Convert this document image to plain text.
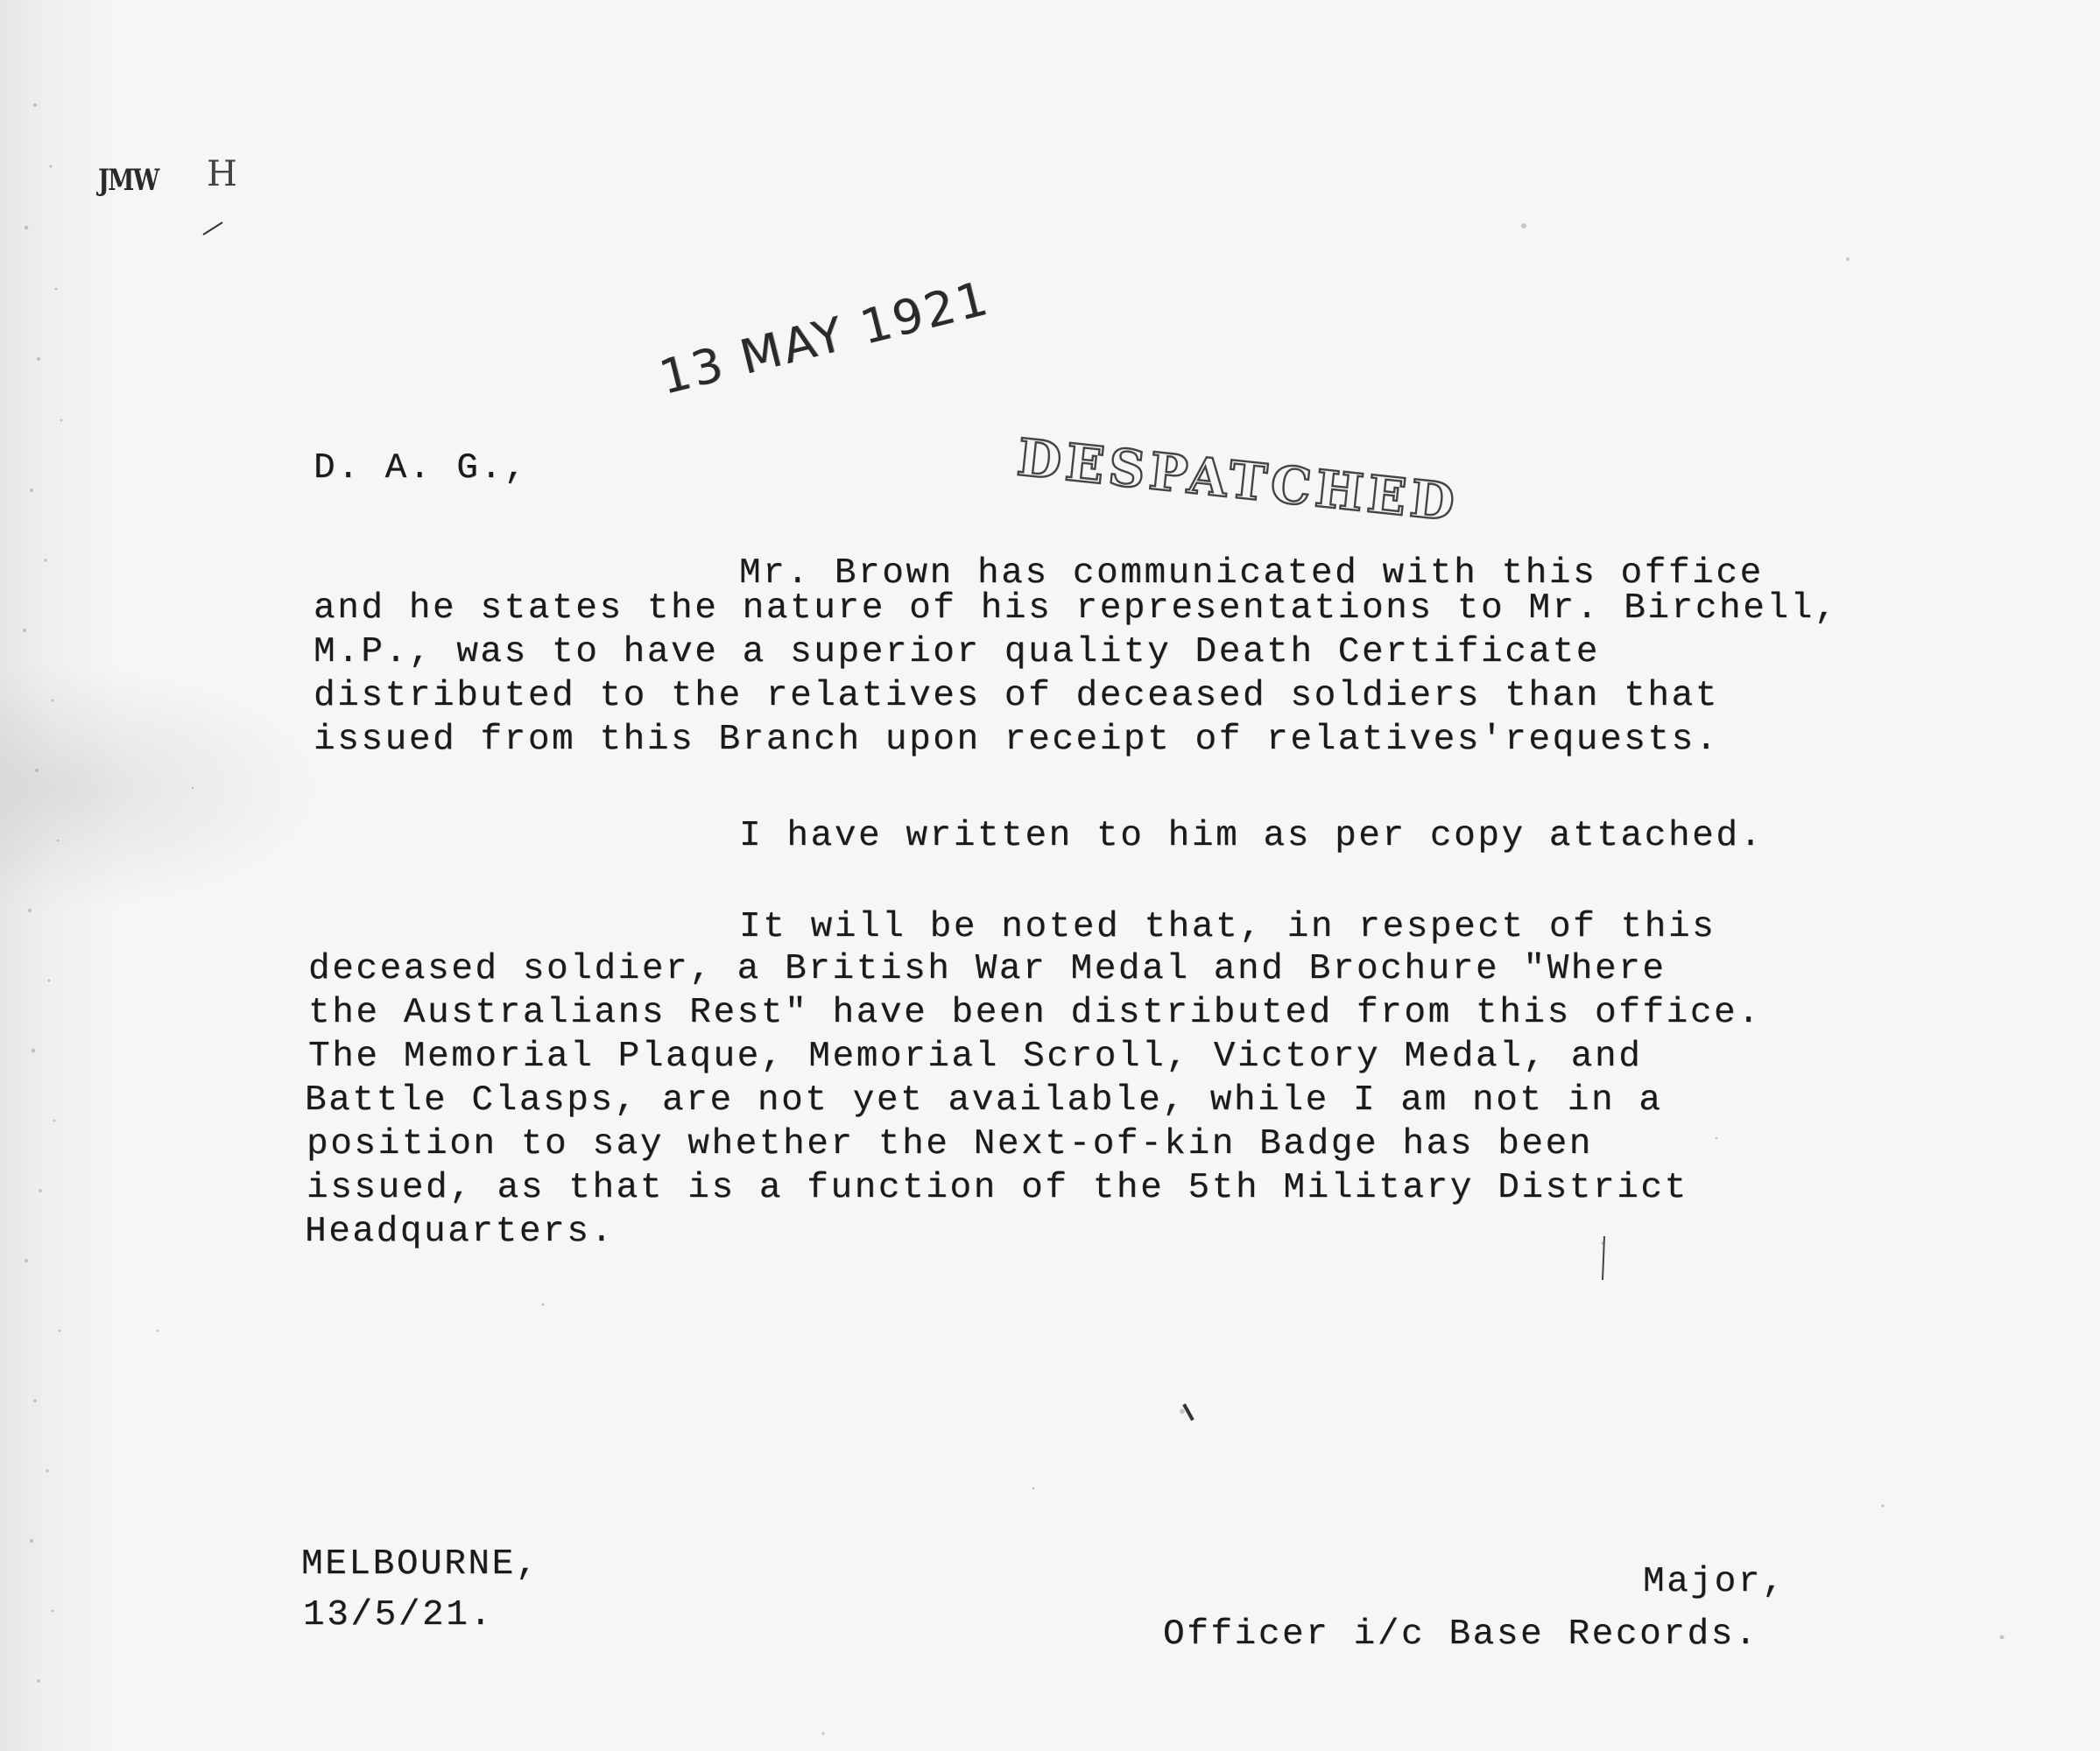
JMW H
13 MAY 1921
DESPATCHED
D. A. G.,
Mr. Brown has communicated with this office
and he states the nature of his representations to Mr. Birchell,
M.P., was to have a superior quality Death Certificate
distributed to the relatives of deceased soldiers than that
issued from this Branch upon receipt of relatives'requests.
I have written to him as per copy attached.
It will be noted that, in respect of this
deceased soldier, a British War Medal and Brochure "Where
the Australians Rest" have been distributed from this office.
The Memorial Plaque, Memorial Scroll, Victory Medal, and
Battle Clasps, are not yet available, while I am not in a
position to say whether the Next-of-kin Badge has been
issued, as that is a function of the 5th Military District
Headquarters.
MELBOURNE,
13/5/21.
Major,
Officer i/c Base Records.
